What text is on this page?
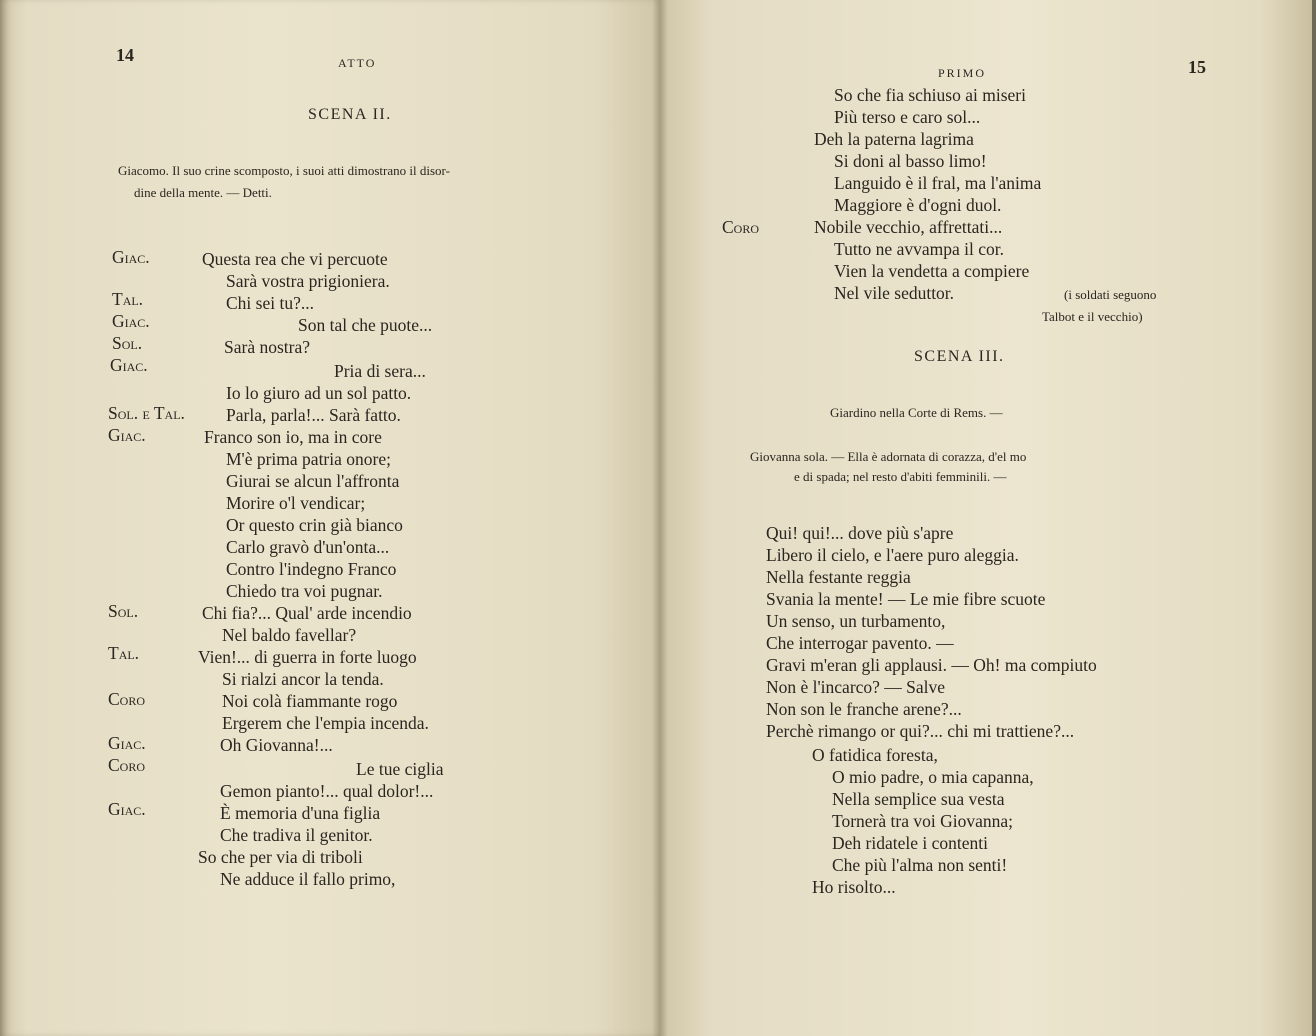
14	ATTO
SCENA II.
Giacomo. Il suo crine scomposto, i suoi atti dimostrano il disor-
dine della mente. — Detti.
Giac.	Questa rea che vi percuote
Sarà vostra prigioniera.
Tal.	Chi sei tu?...
Giac.	Son tal che puote...
Sol.	Sarà nostra?
Giac.	Pria di sera...
Io lo giuro ad un sol patto.
Sol. e Tal. Parla, parla!... Sarà fatto.
Giac.	Franco son io, ma in core
M'è prima patria onore;
Giurai se alcun l'affronta
Morire o'l vendicar;
Or questo crin già bianco
Carlo gravò d'un'onta...
Contro l'indegno Franco
Chiedo tra voi pugnar.
Sol.	Chi fia?... Qual' arde incendio
Nel baldo favellar?
Tal.	Vien!... di guerra in forte luogo
Si rialzi ancor la tenda.
Coro	Noi colà fiammante rogo
Ergerem che l'empia incenda.
Giac.	Oh Giovanna!...
Coro	Le tue ciglia
Gemon pianto!... qual dolor!...
Giac.	È memoria d'una figlia
Che tradiva il genitor.
So che per via di triboli
Ne adduce il fallo primo,
PRIMO	15
So che fia schiuso ai miseri
Più terso e caro sol...
Deh la paterna lagrima
Si doni al basso limo!
Languido è il fral, ma l'anima
Maggiore è d'ogni duol.
Coro	Nobile vecchio, affrettati...
Tutto ne avvampa il cor.
Vien la vendetta a compiere
Nel vile seduttor.	(i soldati seguono
Talbot e il vecchio)
SCENA III.
Giardino nella Corte di Rems. —
Giovanna sola. — Ella è adornata di corazza, d'el mo
e di spada; nel resto d'abiti femminili. —
Qui! qui!... dove più s'apre
Libero il cielo, e l'aere puro aleggia.
Nella festante reggia
Svania la mente! — Le mie fibre scuote
Un senso, un turbamento,
Che interrogar pavento. —
Gravi m'eran gli applausi. — Oh! ma compiuto
Non è l'incarco? — Salve
Non son le franche arene?...
Perchè rimango or qui?... chi mi trattiene?...
O fatidica foresta,
O mio padre, o mia capanna,
Nella semplice sua vesta
Tornerà tra voi Giovanna;
Deh ridatele i contenti
Che più l'alma non senti!
Ho risolto...
